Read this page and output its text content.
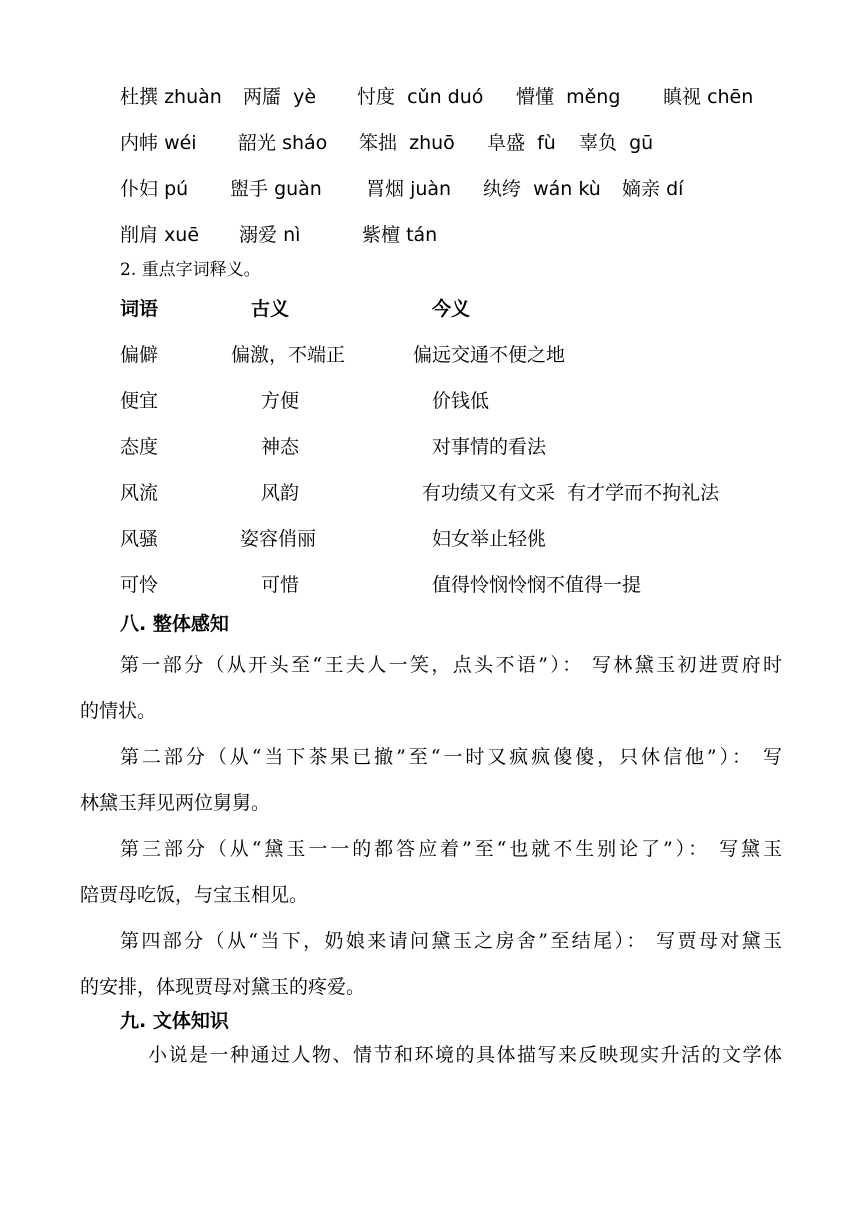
杜撰 zhuàn 两靥 yè 忖度 cǔn duó 懵懂 měng 瞋视 chēn
内帏 wéi 韶光 sháo 笨拙 zhuō 阜盛 fù 辜负 gū
仆妇 pú 盥手 guàn 罥烟 juàn 纨绔 wán kù 嫡亲 dí
削肩 xuē 溺爱 nì	紫檀 tán
2. 重点字词释义。
词语	古义	今义
偏僻	偏激，不端正	偏远交通不便之地
便宜	方便	价钱低
态度	神态	对事情的看法
风流	风韵	有功绩又有文采  有才学而不拘礼法
风骚	姿容俏丽	妇女举止轻佻
可怜	可惜	值得怜悯怜悯不值得一提
八. 整体感知
第一部分（从开头至“王夫人一笑，点头不语”）： 写林黛玉初进贾府时
的情状。
第二部分（从“当下茶果已撤”至“一时又疯疯傻傻，只休信他”）： 写
林黛玉拜见两位舅舅。
第三部分（从“黛玉一一的都答应着”至“也就不生别论了”）： 写黛玉
陪贾母吃饭，与宝玉相见。
第四部分（从“当下，奶娘来请问黛玉之房舍”至结尾）： 写贾母对黛玉
的安排，体现贾母对黛玉的疼爱。
九. 文体知识
小说是一种通过人物、情节和环境的具体描写来反映现实升活的文学体
